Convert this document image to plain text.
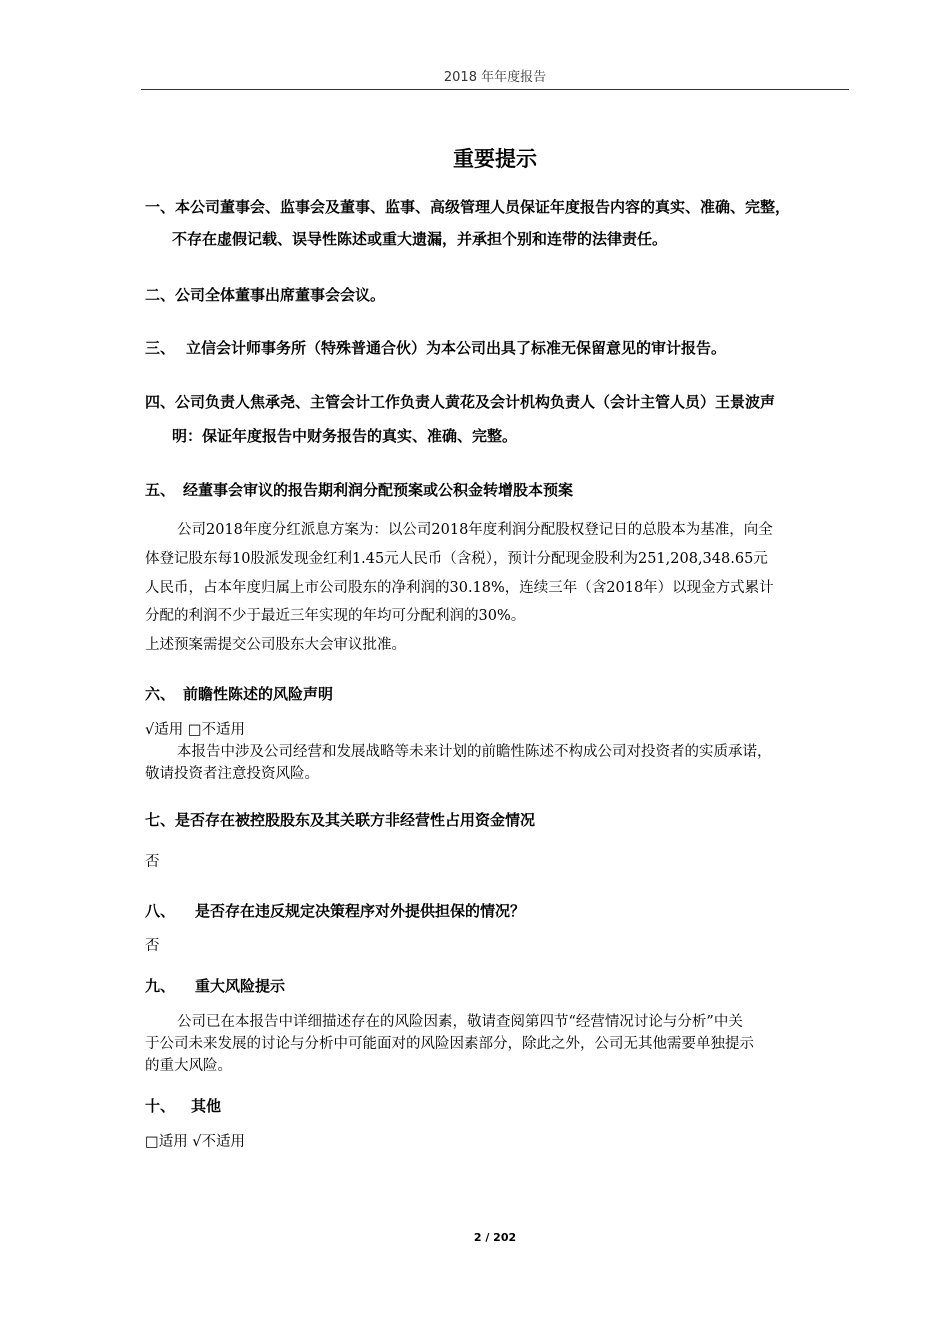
2018 年年度报告
重要提示
一、本公司董事会、监事会及董事、监事、高级管理人员保证年度报告内容的真实、准确、完整，
不存在虚假记载、误导性陈述或重大遗漏，并承担个别和连带的法律责任。
二、公司全体董事出席董事会会议。
三、 立信会计师事务所（特殊普通合伙）为本公司出具了标准无保留意见的审计报告。
四、公司负责人焦承尧、主管会计工作负责人黄花及会计机构负责人（会计主管人员）王景波声
明：保证年度报告中财务报告的真实、准确、完整。
五、 经董事会审议的报告期利润分配预案或公积金转增股本预案
公司2018年度分红派息方案为：以公司2018年度利润分配股权登记日的总股本为基准，向全
体登记股东每10股派发现金红利1.45元人民币（含税），预计分配现金股利为251,208,348.65元
人民币，占本年度归属上市公司股东的净利润的30.18%，连续三年（含2018年）以现金方式累计
分配的利润不少于最近三年实现的年均可分配利润的30%。
上述预案需提交公司股东大会审议批准。
六、 前瞻性陈述的风险声明
√适用 □不适用
本报告中涉及公司经营和发展战略等未来计划的前瞻性陈述不构成公司对投资者的实质承诺，
敬请投资者注意投资风险。
七、是否存在被控股股东及其关联方非经营性占用资金情况
否
八、 是否存在违反规定决策程序对外提供担保的情况？
否
九、 重大风险提示
公司已在本报告中详细描述存在的风险因素，敬请查阅第四节“经营情况讨论与分析”中关
于公司未来发展的讨论与分析中可能面对的风险因素部分，除此之外，公司无其他需要单独提示
的重大风险。
十、 其他
□适用 √不适用
2 / 202
